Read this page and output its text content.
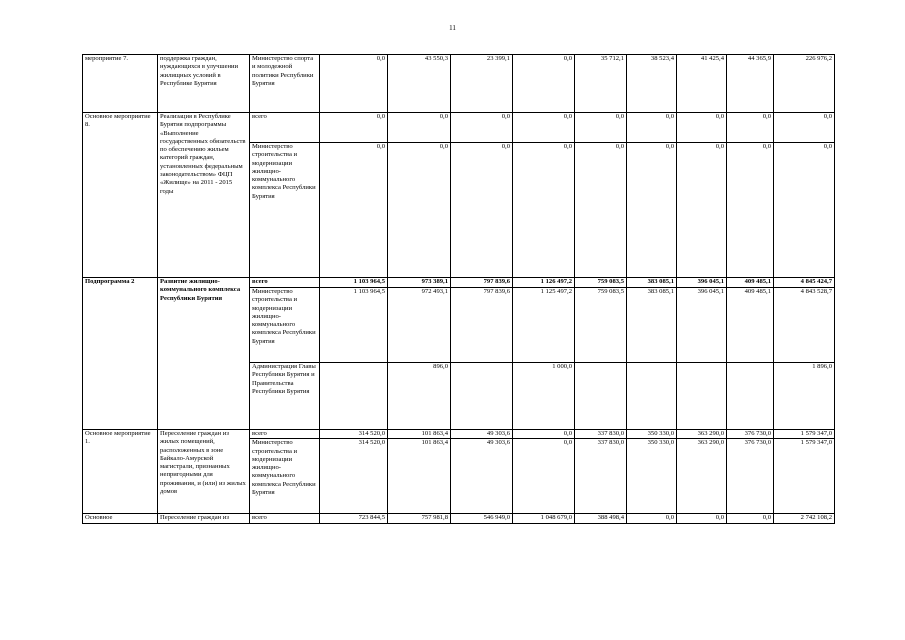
11
мероприятие 7.	поддержка граждан, нуждающихся в улучшении жилищных условий в Республике Бурятия	Министерство спорта и молодежной политики Республики Бурятия	0,0	43 550,3	23 399,1	0,0	35 712,1	38 523,4	41 425,4	44 365,9	226 976,2
Основное мероприятие 8.	Реализация в Республике Бурятия подпрограммы «Выполнение государственных обязательств по обеспечению жильем категорий граждан, установленных федеральным законодательством» ФЦП «Жилище» на 2011 - 2015 годы	всего	0,0	0,0	0,0	0,0	0,0	0,0	0,0	0,0	0,0
		Министерство строительства и модернизации жилищно-коммунального комплекса Республики Бурятия	0,0	0,0	0,0	0,0	0,0	0,0	0,0	0,0	0,0
Подпрограмма 2	Развитие жилищно-коммунального комплекса Республики Бурятия	всего	1 103 964,5	973 389,1	797 839,6	1 126 497,2	759 083,5	383 085,1	396 045,1	409 485,1	4 845 424,7
		Министерство строительства и модернизации жилищно-коммунального комплекса Республики Бурятия	1 103 964,5	972 493,1	797 839,6	1 125 497,2	759 083,5	383 085,1	396 045,1	409 485,1	4 843 528,7
		Администрация Главы Республики Бурятия и Правительства Республики Бурятия		896,0		1 000,0					1 896,0
Основное мероприятие 1.	Переселение граждан из жилых помещений, расположенных в зоне Байкало-Амурской магистрали, признанных непригодными для проживания, и (или) из жилых домов	всего	314 520,0	101 863,4	49 303,6	0,0	337 830,0	350 330,0	363 290,0	376 730,0	1 579 347,0
		Министерство строительства и модернизации жилищно-коммунального комплекса Республики Бурятия	314 520,0	101 863,4	49 303,6	0,0	337 830,0	350 330,0	363 290,0	376 730,0	1 579 347,0
Основное	Переселение граждан из	всего	723 844,5	757 981,8	546 949,0	1 048 679,0	388 498,4	0,0	0,0	0,0	2 742 108,2
